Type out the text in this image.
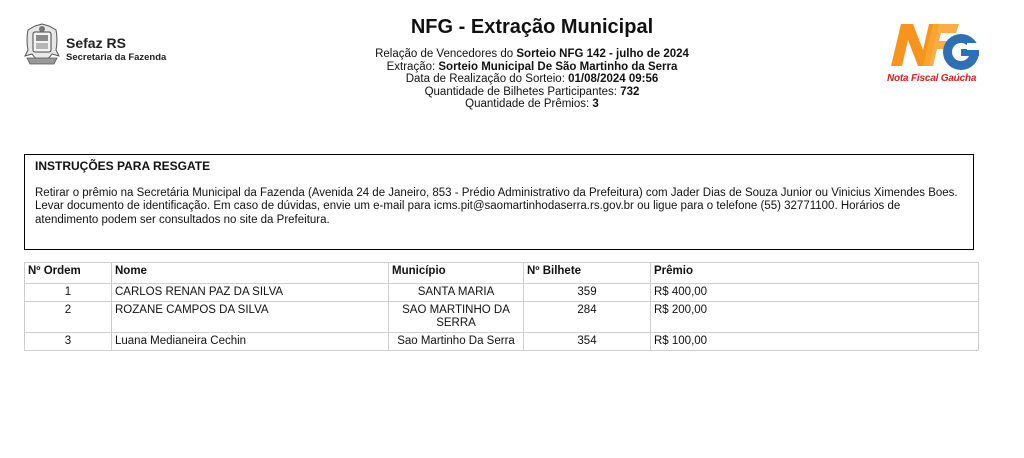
Sefaz RS
Secretaria da Fazenda
NFG - Extração Municipal
Relação de Vencedores do Sorteio NFG 142 - julho de 2024
Extração: Sorteio Municipal De São Martinho da Serra
Data de Realização do Sorteio: 01/08/2024 09:56
Quantidade de Bilhetes Participantes: 732
Quantidade de Prêmios: 3
Nota Fiscal Gaúcha
INSTRUÇÕES PARA RESGATE
Retirar o prêmio na Secretária Municipal da Fazenda (Avenida 24 de Janeiro, 853 - Prédio Administrativo da Prefeitura) com Jader Dias de Souza Junior ou Vinicius Ximendes Boes. Levar documento de identificação. Em caso de dúvidas, envie um e-mail para icms.pit@saomartinhodaserra.rs.gov.br ou ligue para o telefone (55) 32771100. Horários de atendimento podem ser consultados no site da Prefeitura.
Nº Ordem	Nome	Município	Nº Bilhete	Prêmio
1	CARLOS RENAN PAZ DA SILVA	SANTA MARIA	359	R$ 400,00
2	ROZANE CAMPOS DA SILVA	SAO MARTINHO DA SERRA	284	R$ 200,00
3	Luana Medianeira Cechin	Sao Martinho Da Serra	354	R$ 100,00
